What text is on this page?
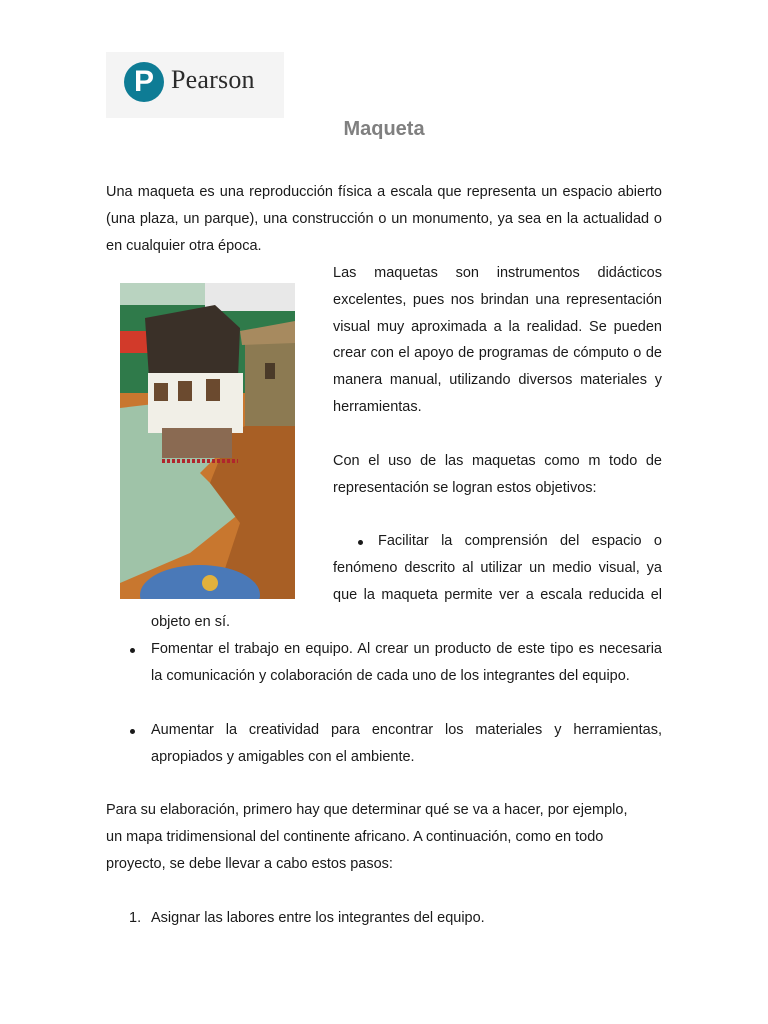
P Pearson
Maqueta
Una maqueta es una reproducción física a escala que representa un espacio abierto (una plaza, un parque), una construcción o un monumento, ya sea en la actualidad o en cualquier otra época.
Las maquetas son instrumentos didácticos excelentes, pues nos brindan una representación visual muy aproximada a la realidad. Se pueden crear con el apoyo de programas de cómputo o de manera manual, utilizando diversos materiales y herramientas.
Con el uso de las maquetas como m todo de representación se logran estos objetivos:
Facilitar la comprensión del espacio o
fenómeno descrito al utilizar un medio visual, ya
que la maqueta permite ver a escala reducida el
objeto en sí.
Fomentar el trabajo en equipo. Al crear un producto de este tipo es necesaria la comunicación y colaboración de cada uno de los integrantes del equipo.
Aumentar la creatividad para encontrar los materiales y herramientas, apropiados y amigables con el ambiente.
Para su elaboración, primero hay que determinar qué se va a hacer, por ejemplo,
un mapa tridimensional del continente africano. A continuación, como en todo
proyecto, se debe llevar a cabo estos pasos:
1. Asignar las labores entre los integrantes del equipo.
